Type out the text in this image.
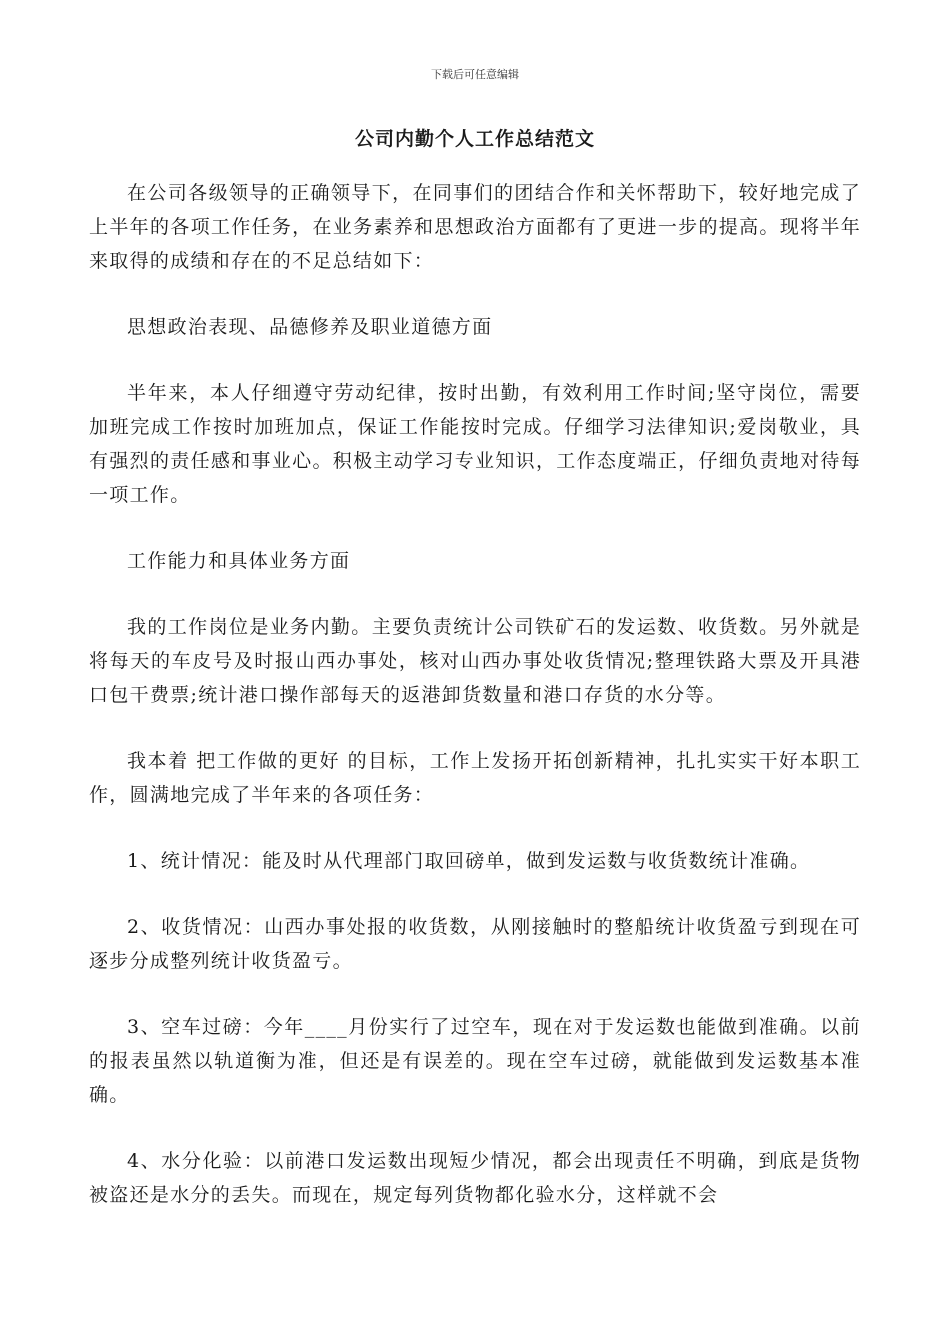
下载后可任意编辑
公司内勤个人工作总结范文

在公司各级领导的正确领导下，在同事们的团结合作和关怀帮助下，较好地完成了上半年的各项工作任务，在业务素养和思想政治方面都有了更进一步的提高。现将半年来取得的成绩和存在的不足总结如下：

思想政治表现、品德修养及职业道德方面

半年来，本人仔细遵守劳动纪律，按时出勤，有效利用工作时间;坚守岗位，需要加班完成工作按时加班加点，保证工作能按时完成。仔细学习法律知识;爱岗敬业，具有强烈的责任感和事业心。积极主动学习专业知识，工作态度端正，仔细负责地对待每一项工作。

工作能力和具体业务方面

我的工作岗位是业务内勤。主要负责统计公司铁矿石的发运数、收货数。另外就是将每天的车皮号及时报山西办事处，核对山西办事处收货情况;整理铁路大票及开具港口包干费票;统计港口操作部每天的返港卸货数量和港口存货的水分等。

我本着 把工作做的更好 的目标，工作上发扬开拓创新精神，扎扎实实干好本职工作，圆满地完成了半年来的各项任务：

1、统计情况：能及时从代理部门取回磅单，做到发运数与收货数统计准确。

2、收货情况：山西办事处报的收货数，从刚接触时的整船统计收货盈亏到现在可逐步分成整列统计收货盈亏。

3、空车过磅：今年____月份实行了过空车，现在对于发运数也能做到准确。以前的报表虽然以轨道衡为准，但还是有误差的。现在空车过磅，就能做到发运数基本准确。

4、水分化验：以前港口发运数出现短少情况，都会出现责任不明确，到底是货物被盗还是水分的丢失。而现在，规定每列货物都化验水分，这样就不会
